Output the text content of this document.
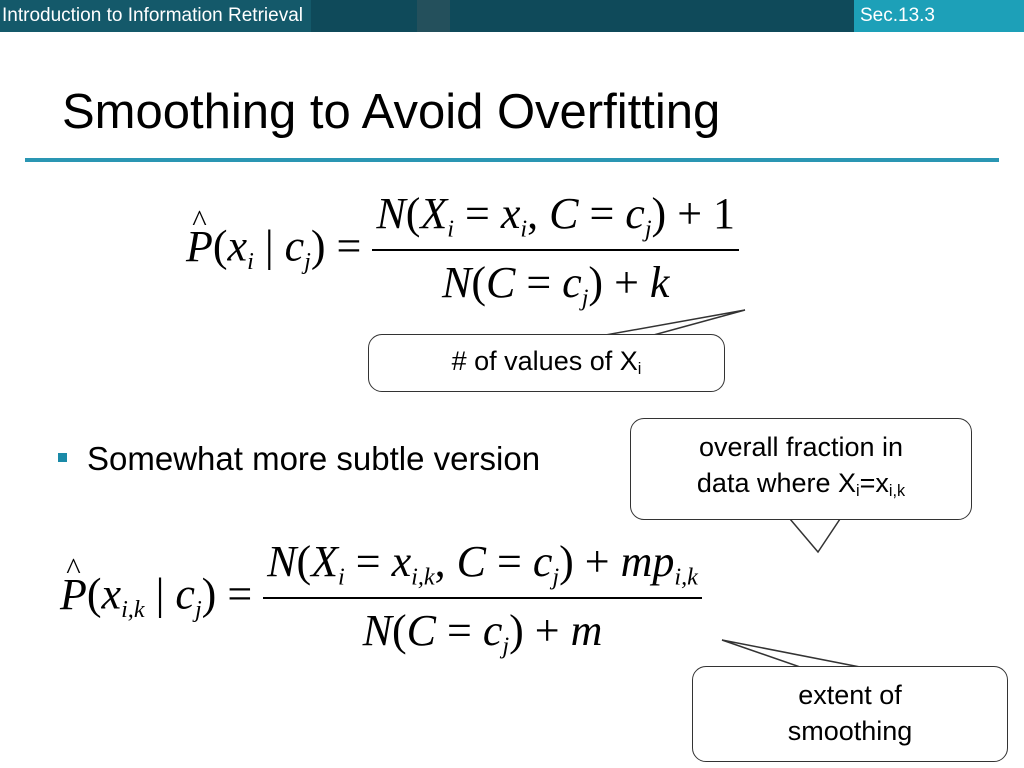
Introduction to Information Retrieval	Sec.13.3
Smoothing to Avoid Overfitting
^ $P(x_i$ | $c_j) = \frac{N(X_i = x_i, C = c_j) + 1}{N(C = c_j) + k}$
Somewhat more subtle version
^ $P(x_{i,k}$ | $c_j) = \frac{N(X_i = x_{i,k}, C = c_j) + mp_{i,k}}{N(C = c_j) + m}$
# of values of $X_i$
overall fraction in
data where $X_i=x_{i,k}$
extent of
smoothing
